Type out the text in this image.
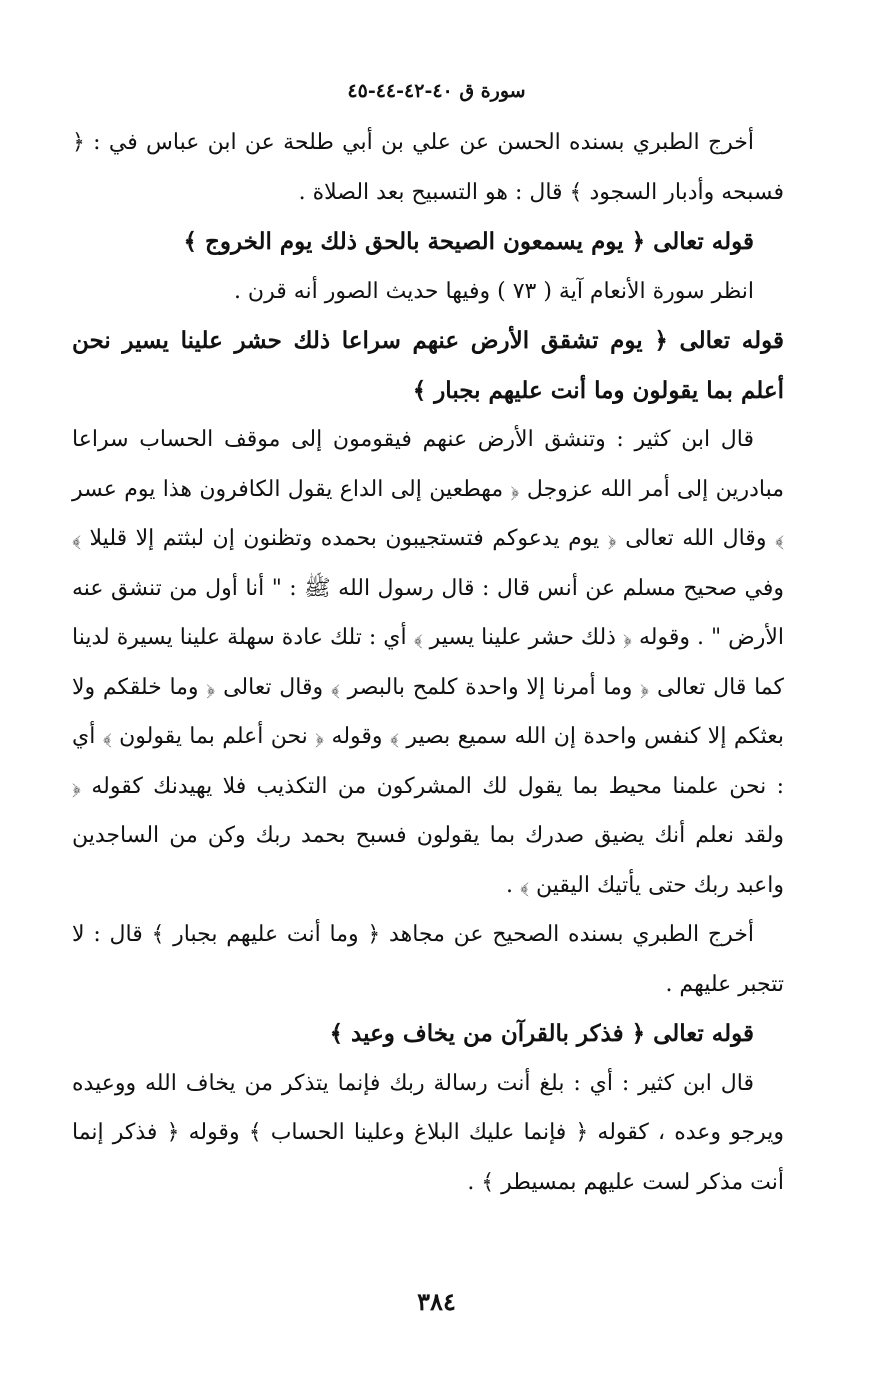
سورة ق ٤٠-٤٢-٤٤-٤٥

أخرج الطبري بسنده الحسن عن علي بن أبي طلحة عن ابن عباس في : ﴿ فسبحه وأدبار السجود ﴾ قال : هو التسبيح بعد الصلاة .

قوله تعالى ﴿ يوم يسمعون الصيحة بالحق ذلك يوم الخروج ﴾

انظر سورة الأنعام آية ( ٧٣ ) وفيها حديث الصور أنه قرن .

قوله تعالى ﴿ يوم تشقق الأرض عنهم سراعا ذلك حشر علينا يسير نحن أعلم بما يقولون وما أنت عليهم بجبار ﴾

قال ابن كثير : وتنشق الأرض عنهم فيقومون إلى موقف الحساب سراعا مبادرين إلى أمر الله عزوجل ﴿ مهطعين إلى الداع يقول الكافرون هذا يوم عسر ﴾ وقال الله تعالى ﴿ يوم يدعوكم فتستجيبون بحمده وتظنون إن لبثتم إلا قليلا ﴾ وفي صحيح مسلم عن أنس قال : قال رسول الله ﷺ : " أنا أول من تنشق عنه الأرض " . وقوله ﴿ ذلك حشر علينا يسير ﴾ أي : تلك عادة سهلة علينا يسيرة لدينا كما قال تعالى ﴿ وما أمرنا إلا واحدة كلمح بالبصر ﴾ وقال تعالى ﴿ وما خلقكم ولا بعثكم إلا كنفس واحدة إن الله سميع بصير ﴾ وقوله ﴿ نحن أعلم بما يقولون ﴾ أي : نحن علمنا محيط بما يقول لك المشركون من التكذيب فلا يهيدنك كقوله ﴿ ولقد نعلم أنك يضيق صدرك بما يقولون فسبح بحمد ربك وكن من الساجدين واعبد ربك حتى يأتيك اليقين ﴾ .

أخرج الطبري بسنده الصحيح عن مجاهد ﴿ وما أنت عليهم بجبار ﴾ قال : لا تتجبر عليهم .

قوله تعالى ﴿ فذكر بالقرآن من يخاف وعيد ﴾

قال ابن كثير : أي : بلغ أنت رسالة ربك فإنما يتذكر من يخاف الله ووعيده ويرجو وعده ، كقوله ﴿ فإنما عليك البلاغ وعلينا الحساب ﴾ وقوله ﴿ فذكر إنما أنت مذكر لست عليهم بمسيطر ﴾ .

٣٨٤
